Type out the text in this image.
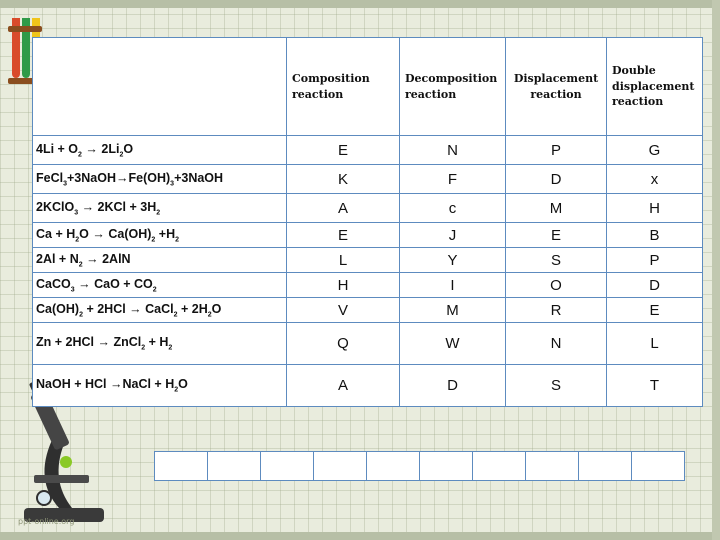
ppt-online.org
	Composition reaction	Decomposition reaction	Displacement reaction	Double displacement reaction
$4Li + O_2 \to 2Li_2O$	E	N	P	G
$FeCl_3+3NaOH\to Fe(OH)_3+3NaOH$	K	F	D	x
2KClO$_3$ → $2KCl + 3H_2$	A	c	M	H
$Ca + H_2O \to Ca(OH)_2 +H_2$	E	J	E	B
$2Al + N_2 \to 2AlN$	L	Y	S	P
CaCO$_3$ → CaO + $CO_2$	H	I	O	D
$Ca(OH)_2 + 2HCl$ → CaCl$_2$ + $2H_2O$	V	M	R	E
Zn + 2HCl → ZnCl$_2$ + $H_2$	Q	W	N	L
NaOH + HCl →NaCl + $H_2O$	A	D	S	T
